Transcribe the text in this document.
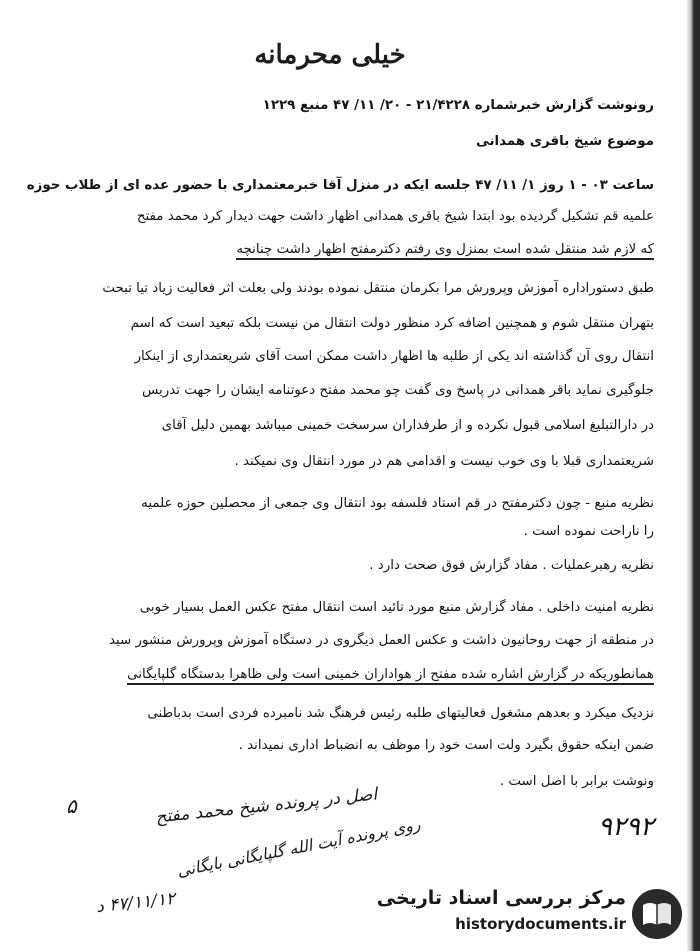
خیلی محرمانه
رونوشت گزارش خبرشماره ۲۱/۴۲۲۸ - ۲۰/ ۱۱/ ۴۷ منبع ۱۲۲۹
موضوع شیخ باقری همدانی
ساعت ۰۳ - ۱ روز ۱/ ۱۱/ ۴۷ جلسه ایکه در منزل آقا خبرمعتمداری با حضور عده ای از طلاب حوزه
علمیه قم تشکیل گردیده بود ابتدا شیخ باقری همدانی اظهار داشت جهت دیدار کرد محمد مفتح
که لازم شد منتقل شده است بمنزل وی رفتم دکترمفتح اظهار داشت چنانچه
طبق دستوراداره آموزش وپرورش مرا بکرمان منتقل نموده بودند ولی بعلت اثر فعالیت زیاد تیا تبحت
بتهران منتقل شوم و همچنین اضافه کرد منظور دولت انتقال من نیست بلکه تبعید است که اسم
انتقال روی آن گذاشته اند یکی از طلبه ها اظهار داشت ممکن است آقای شریعتمداری از اینکار
جلوگیری نماید باقر همدانی در پاسخ وی گفت چو محمد مفتح دعوتنامه ایشان را جهت تدریس
در دارالتبلیغ اسلامی قبول نکرده و از طرفداران سرسخت خمینی میباشد بهمین دلیل آقای
شریعتمداری قبلا با وی خوب نیست و اقدامی هم در مورد انتقال وی نمیکند .
نظریه منبع - چون دکترمفتح در قم استاد فلسفه بود انتقال وی جمعی از محصلین حوزه علمیه
را ناراحت نموده است .
نظریه رهبرعملیات . مفاد گزارش فوق صحت دارد .
نظریه امنیت داخلی . مفاد گزارش منبع مورد تائید است انتقال مفتح عکس العمل بسیار خوبی
در منطقه از جهت روحانیون داشت و عکس العمل دیگروی در دستگاه آموزش وپرورش منشور سید
همانطوریکه در گزارش اشاره شده مفتح از هواداران خمینی است ولی ظاهرا بدستگاه گلپایگانی
نزدیک میکرد و بعدهم مشغول فعالیتهای طلبه رئیس فرهنگ شد نامبرده فردی است بدباطنی
ضمن اینکه حقوق بگیرد ولت است خود را موظف به انضباط اداری نمیداند .
ونوشت برابر با اصل است .
اصل در پرونده شیخ محمد مفتح
روی پرونده آیت الله گلپایگانی بایگانی
۴۷/۱۱/۱۲ د
۵
۹۲۹۲
مرکز بررسی اسناد تاریخی
historydocuments.ir
